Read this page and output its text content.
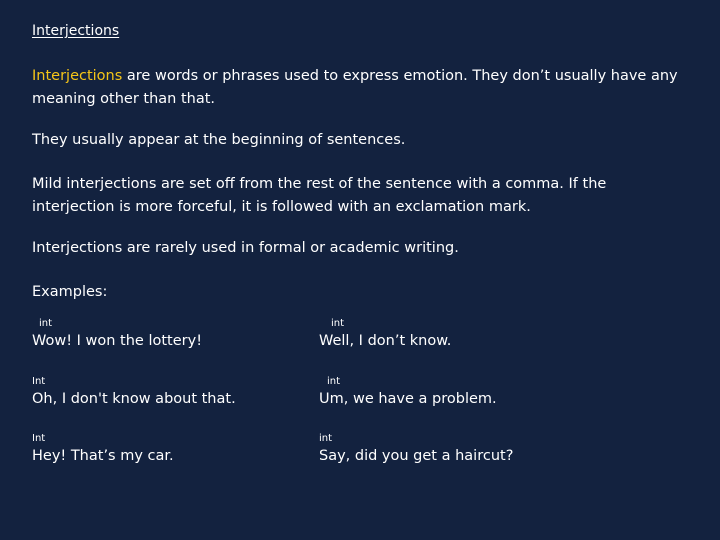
Interjections

Interjections are words or phrases used to express emotion. They don’t usually have any meaning other than that.

They usually appear at the beginning of sentences.

Mild interjections are set off from the rest of the sentence with a comma. If the interjection is more forceful, it is followed with an exclamation mark.

Interjections are rarely used in formal or academic writing.

Examples:

int
Wow! I won the lottery!
int
Well, I don’t know.
Int
Oh, I don't know about that.
int
Um, we have a problem.
Int
Hey! That’s my car.
int
Say, did you get a haircut?
